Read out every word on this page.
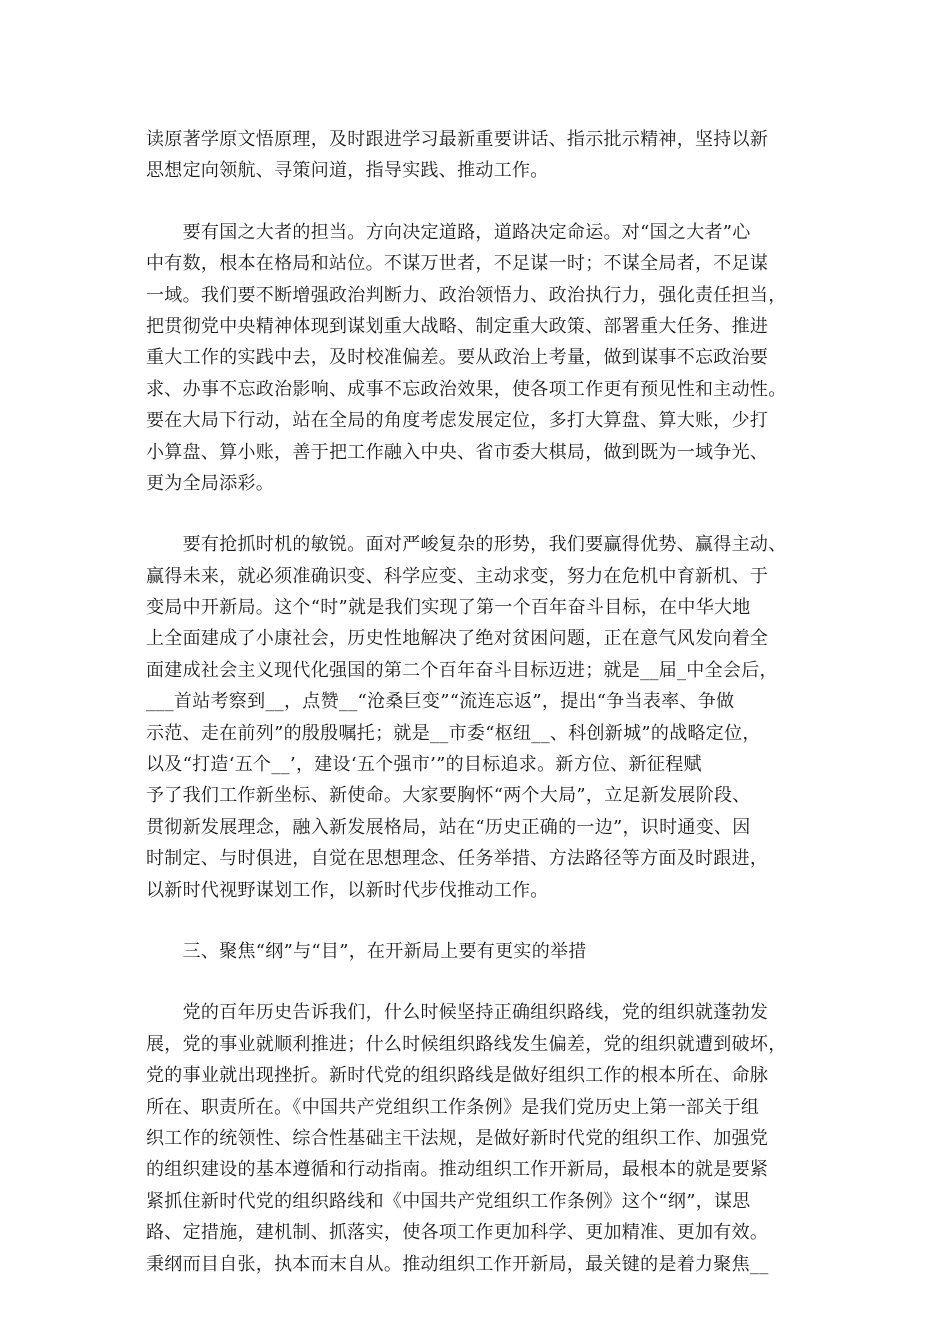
读原著学原文悟原理，及时跟进学习最新重要讲话、指示批示精神，坚持以新
思想定向领航、寻策问道，指导实践、推动工作。
　　要有国之大者的担当。方向决定道路，道路决定命运。对“国之大者”心
中有数，根本在格局和站位。不谋万世者，不足谋一时；不谋全局者，不足谋
一域。我们要不断增强政治判断力、政治领悟力、政治执行力，强化责任担当，
把贯彻党中央精神体现到谋划重大战略、制定重大政策、部署重大任务、推进
重大工作的实践中去，及时校准偏差。要从政治上考量，做到谋事不忘政治要
求、办事不忘政治影响、成事不忘政治效果，使各项工作更有预见性和主动性。
要在大局下行动，站在全局的角度考虑发展定位，多打大算盘、算大账，少打
小算盘、算小账，善于把工作融入中央、省市委大棋局，做到既为一域争光、
更为全局添彩。
　　要有抢抓时机的敏锐。面对严峻复杂的形势，我们要赢得优势、赢得主动、
赢得未来，就必须准确识变、科学应变、主动求变，努力在危机中育新机、于
变局中开新局。这个“时”就是我们实现了第一个百年奋斗目标，在中华大地
上全面建成了小康社会，历史性地解决了绝对贫困问题，正在意气风发向着全
面建成社会主义现代化强国的第二个百年奋斗目标迈进；就是__届_中全会后，
___首站考察到__，点赞__“沧桑巨变”“流连忘返”，提出“争当表率、争做
示范、走在前列”的殷殷嘱托；就是__市委“枢纽__、科创新城”的战略定位，
以及“打造‘五个__’，建设‘五个强市’”的目标追求。新方位、新征程赋
予了我们工作新坐标、新使命。大家要胸怀“两个大局”，立足新发展阶段、
贯彻新发展理念，融入新发展格局，站在“历史正确的一边”，识时通变、因
时制定、与时俱进，自觉在思想理念、任务举措、方法路径等方面及时跟进，
以新时代视野谋划工作，以新时代步伐推动工作。
　　三、聚焦“纲”与“目”，在开新局上要有更实的举措
　　党的百年历史告诉我们，什么时候坚持正确组织路线，党的组织就蓬勃发
展，党的事业就顺利推进；什么时候组织路线发生偏差，党的组织就遭到破坏，
党的事业就出现挫折。新时代党的组织路线是做好组织工作的根本所在、命脉
所在、职责所在。《中国共产党组织工作条例》是我们党历史上第一部关于组
织工作的统领性、综合性基础主干法规，是做好新时代党的组织工作、加强党
的组织建设的基本遵循和行动指南。推动组织工作开新局，最根本的就是要紧
紧抓住新时代党的组织路线和《中国共产党组织工作条例》这个“纲”，谋思
路、定措施，建机制、抓落实，使各项工作更加科学、更加精准、更加有效。
秉纲而目自张，执本而末自从。推动组织工作开新局，最关键的是着力聚焦__
